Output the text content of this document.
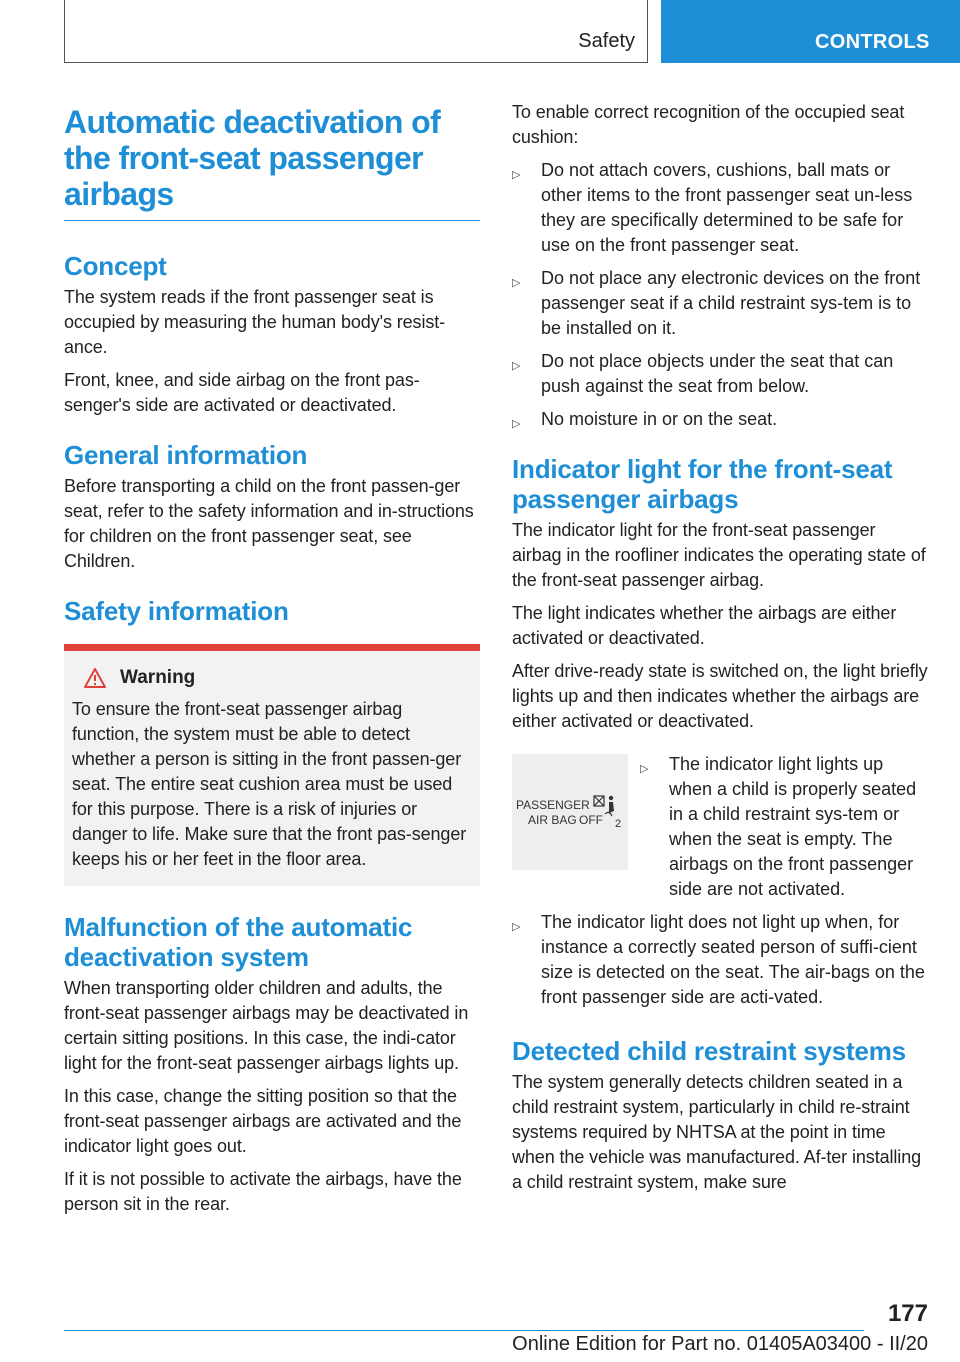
Safety	CONTROLS
Automatic deactivation of the front-seat passenger airbags
Concept

The system reads if the front passenger seat is occupied by measuring the human body's resist-ance.

Front, knee, and side airbag on the front pas-senger's side are activated or deactivated.

General information

Before transporting a child on the front passen-ger seat, refer to the safety information and in-structions for children on the front passenger seat, see Children.

Safety information
Warning

To ensure the front-seat passenger airbag function, the system must be able to detect whether a person is sitting in the front passen-ger seat. The entire seat cushion area must be used for this purpose. There is a risk of injuries or danger to life. Make sure that the front pas-senger keeps his or her feet in the floor area.

Malfunction of the automatic deactivation system

When transporting older children and adults, the front-seat passenger airbags may be deactivated in certain sitting positions. In this case, the indi-cator light for the front-seat passenger airbags lights up.

In this case, change the sitting position so that the front-seat passenger airbags are activated and the indicator light goes out.

If it is not possible to activate the airbags, have the person sit in the rear.

To enable correct recognition of the occupied seat cushion:

▷ Do not attach covers, cushions, ball mats or other items to the front passenger seat un-less they are specifically determined to be safe for use on the front passenger seat.
▷ Do not place any electronic devices on the front passenger seat if a child restraint sys-tem is to be installed on it.
▷ Do not place objects under the seat that can push against the seat from below.
▷ No moisture in or on the seat.
Indicator light for the front-seat passenger airbags

The indicator light for the front-seat passenger airbag in the roofliner indicates the operating state of the front-seat passenger airbag.

The light indicates whether the airbags are either activated or deactivated.

After drive-ready state is switched on, the light briefly lights up and then indicates whether the airbags are either activated or deactivated.

PASSENGER
AIR BAG OFF 2
▷ The indicator light lights up when a child is properly seated in a child restraint sys-tem or when the seat is empty. The airbags on the front passenger side are not activated.
▷ The indicator light does not light up when, for instance a correctly seated person of suffi-cient size is detected on the seat. The air-bags on the front passenger side are acti-vated.
Detected child restraint systems

The system generally detects children seated in a child restraint system, particularly in child re-straint systems required by NHTSA at the point in time when the vehicle was manufactured. Af-ter installing a child restraint system, make sure

177
Online Edition for Part no. 01405A03400 - II/20
